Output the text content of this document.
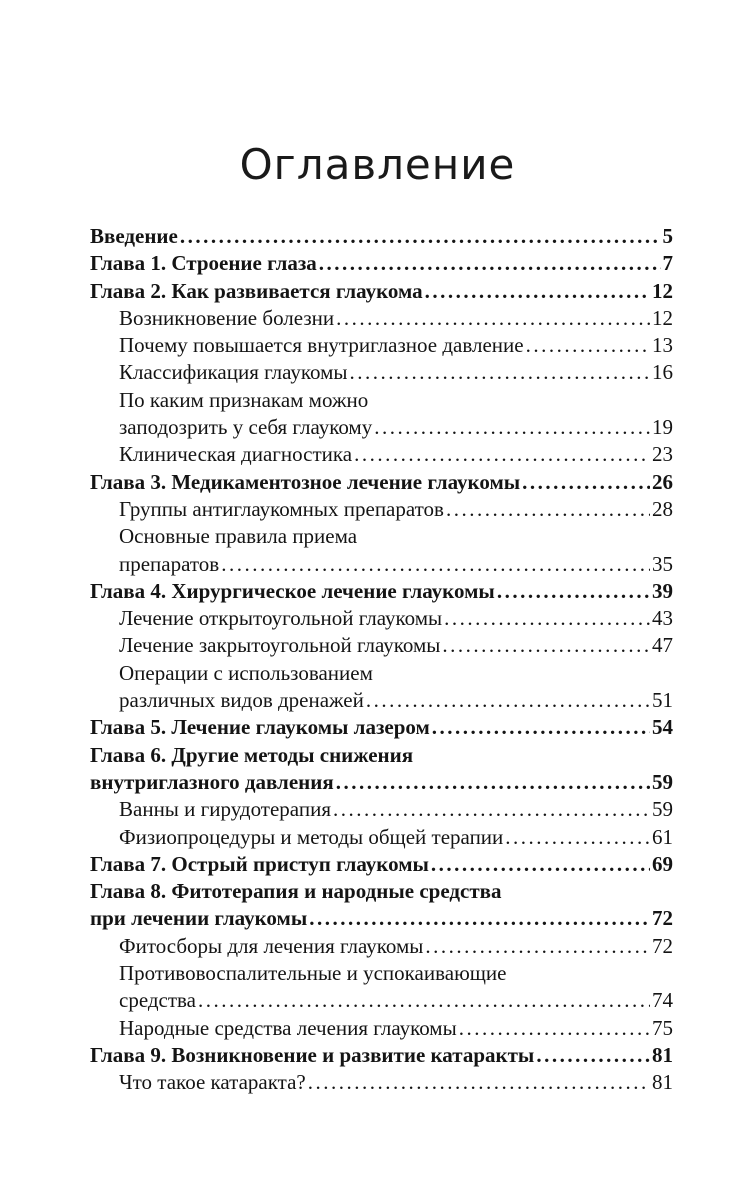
Оглавление
Введение .....	5
Глава 1. Строение глаза .....	7
Глава 2. Как развивается глаукома .....	12
Возникновение болезни .....	12
Почему повышается внутриглазное давление .....	13
Классификация глаукомы .....	16
По каким признакам можно
заподозрить у себя глаукому .....	19
Клиническая диагностика .....	23
Глава 3. Медикаментозное лечение глаукомы .....	26
Группы антиглаукомных препаратов .....	28
Основные правила приема
препаратов .....	35
Глава 4. Хирургическое лечение глаукомы .....	39
Лечение открытоугольной глаукомы .....	43
Лечение закрытоугольной глаукомы .....	47
Операции с использованием
различных видов дренажей .....	51
Глава 5. Лечение глаукомы лазером .....	54
Глава 6. Другие методы снижения
внутриглазного давления .....	59
Ванны и гирудотерапия .....	59
Физиопроцедуры и методы общей терапии .....	61
Глава 7. Острый приступ глаукомы .....	69
Глава 8. Фитотерапия и народные средства
при лечении глаукомы .....	72
Фитосборы для лечения глаукомы .....	72
Противовоспалительные и успокаивающие
средства .....	74
Народные средства лечения глаукомы .....	75
Глава 9. Возникновение и развитие катаракты .....	81
Что такое катаракта? .....	81
